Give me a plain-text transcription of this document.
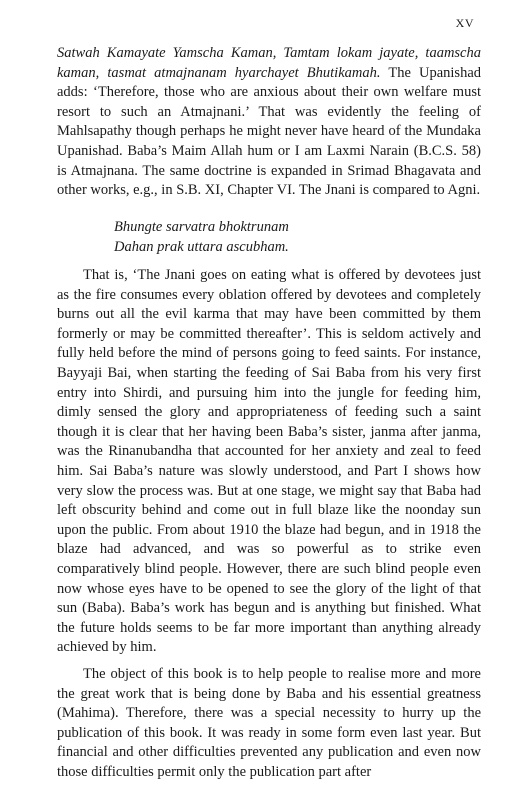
XV

Satwah Kamayate Yamscha Kaman, Tamtam lokam jayate, taamscha kaman, tasmat atmajnanam hyarchayet Bhutikamah. The Upanishad adds: ‘Therefore, those who are anxious about their own welfare must resort to such an Atmajnani.’ That was evidently the feeling of Mahlsapathy though perhaps he might never have heard of the Mundaka Upanishad. Baba’s Maim Allah hum or I am Laxmi Narain (B.C.S. 58) is Atmajnana. The same doctrine is expanded in Srimad Bhagavata and other works, e.g., in S.B. XI, Chapter VI. The Jnani is compared to Agni.

Bhungte sarvatra bhoktrunam
Dahan prak uttara ascubham.

That is, ‘The Jnani goes on eating what is offered by devotees just as the fire consumes every oblation offered by devotees and completely burns out all the evil karma that may have been committed by them formerly or may be committed thereafter’. This is seldom actively and fully held before the mind of persons going to feed saints. For instance, Bayyaji Bai, when starting the feeding of Sai Baba from his very first entry into Shirdi, and pursuing him into the jungle for feeding him, dimly sensed the glory and appropriateness of feeding such a saint though it is clear that her having been Baba’s sister, janma after janma, was the Rinanubandha that accounted for her anxiety and zeal to feed him. Sai Baba’s nature was slowly understood, and Part I shows how very slow the process was. But at one stage, we might say that Baba had left obscurity behind and come out in full blaze like the noonday sun upon the public. From about 1910 the blaze had begun, and in 1918 the blaze had advanced, and was so powerful as to strike even comparatively blind people. However, there are such blind people even now whose eyes have to be opened to see the glory of the light of that sun (Baba). Baba’s work has begun and is anything but finished. What the future holds seems to be far more important than anything already achieved by him.

The object of this book is to help people to realise more and more the great work that is being done by Baba and his essential greatness (Mahima). Therefore, there was a special necessity to hurry up the publication of this book. It was ready in some form even last year. But financial and other difficulties prevented any publication and even now those difficulties permit only the publication part after
